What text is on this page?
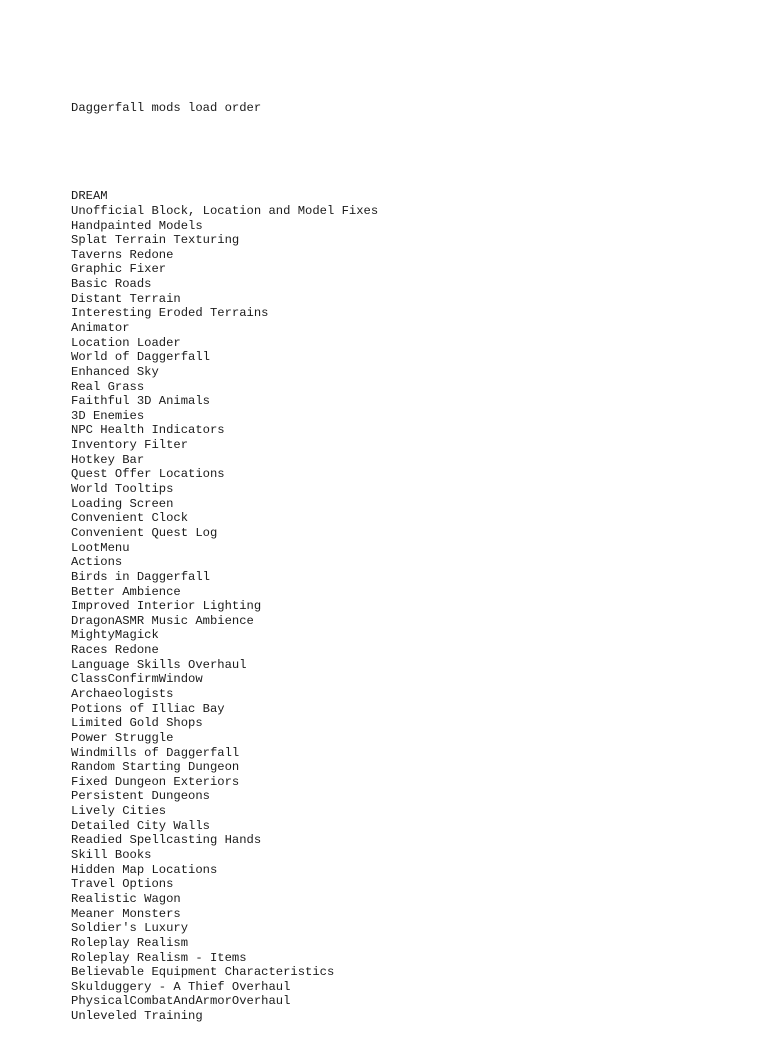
Daggerfall mods load order

DREAM
Unofficial Block, Location and Model Fixes
Handpainted Models
Splat Terrain Texturing
Taverns Redone
Graphic Fixer
Basic Roads
Distant Terrain
Interesting Eroded Terrains
Animator
Location Loader
World of Daggerfall
Enhanced Sky
Real Grass
Faithful 3D Animals
3D Enemies
NPC Health Indicators
Inventory Filter
Hotkey Bar
Quest Offer Locations
World Tooltips
Loading Screen
Convenient Clock
Convenient Quest Log
LootMenu
Actions
Birds in Daggerfall
Better Ambience
Improved Interior Lighting
DragonASMR Music Ambience
MightyMagick
Races Redone
Language Skills Overhaul
ClassConfirmWindow
Archaeologists
Potions of Illiac Bay
Limited Gold Shops
Power Struggle
Windmills of Daggerfall
Random Starting Dungeon
Fixed Dungeon Exteriors
Persistent Dungeons
Lively Cities
Detailed City Walls
Readied Spellcasting Hands
Skill Books
Hidden Map Locations
Travel Options
Realistic Wagon
Meaner Monsters
Soldier's Luxury
Roleplay Realism
Roleplay Realism - Items
Believable Equipment Characteristics
Skulduggery - A Thief Overhaul
PhysicalCombatAndArmorOverhaul
Unleveled Training
